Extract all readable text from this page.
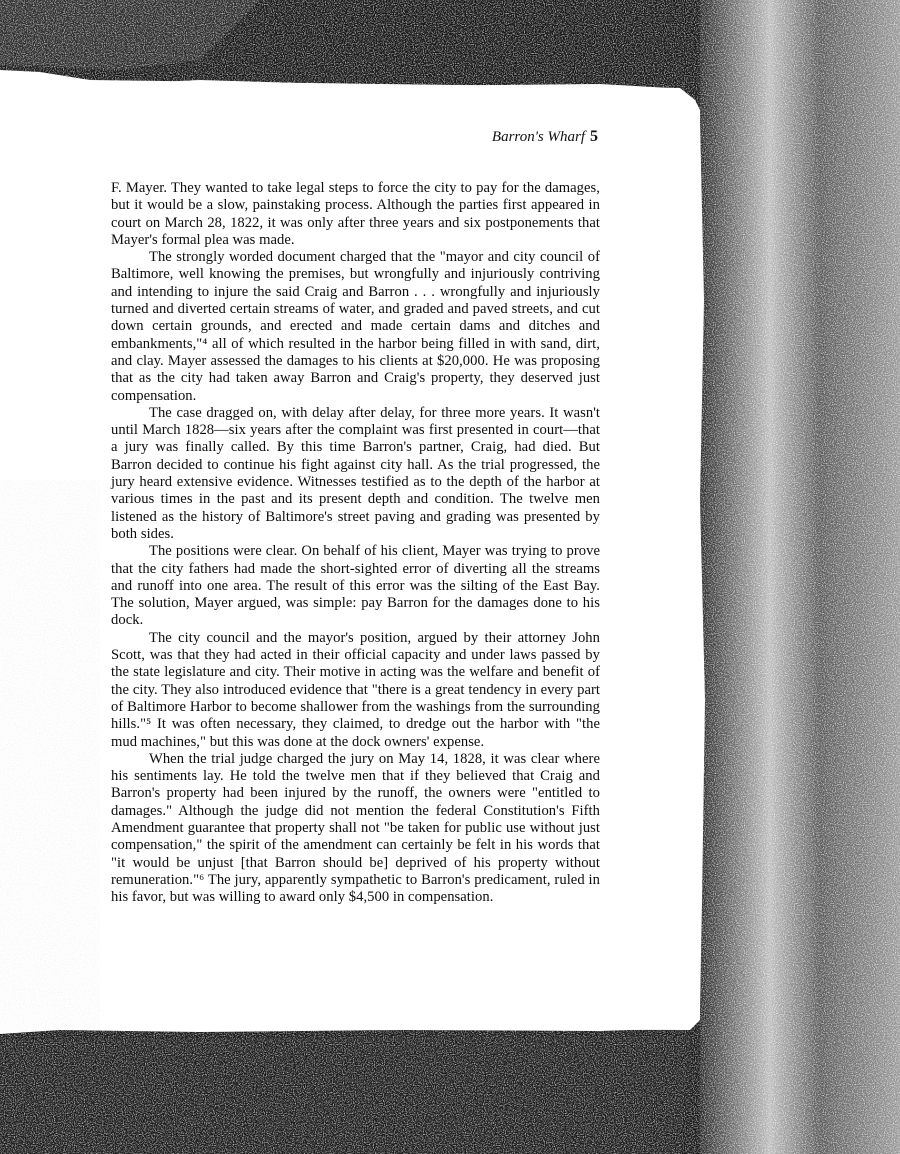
Barron's Wharf 5

F. Mayer. They wanted to take legal steps to force the city to pay for the damages, but it would be a slow, painstaking process. Although the parties first appeared in court on March 28, 1822, it was only after three years and six postponements that Mayer's formal plea was made.

The strongly worded document charged that the "mayor and city council of Baltimore, well knowing the premises, but wrongfully and injuriously contriving and intending to injure the said Craig and Barron . . . wrongfully and injuriously turned and diverted certain streams of water, and graded and paved streets, and cut down certain grounds, and erected and made certain dams and ditches and embankments,"⁴ all of which resulted in the harbor being filled in with sand, dirt, and clay. Mayer assessed the damages to his clients at $20,000. He was proposing that as the city had taken away Barron and Craig's property, they deserved just compensation.

The case dragged on, with delay after delay, for three more years. It wasn't until March 1828—six years after the complaint was first presented in court—that a jury was finally called. By this time Barron's partner, Craig, had died. But Barron decided to continue his fight against city hall. As the trial progressed, the jury heard extensive evidence. Witnesses testified as to the depth of the harbor at various times in the past and its present depth and condition. The twelve men listened as the history of Baltimore's street paving and grading was presented by both sides.

The positions were clear. On behalf of his client, Mayer was trying to prove that the city fathers had made the short-sighted error of diverting all the streams and runoff into one area. The result of this error was the silting of the East Bay. The solution, Mayer argued, was simple: pay Barron for the damages done to his dock.

The city council and the mayor's position, argued by their attorney John Scott, was that they had acted in their official capacity and under laws passed by the state legislature and city. Their motive in acting was the welfare and benefit of the city. They also introduced evidence that "there is a great tendency in every part of Baltimore Harbor to become shallower from the washings from the surrounding hills."⁵ It was often necessary, they claimed, to dredge out the harbor with "the mud machines," but this was done at the dock owners' expense.

When the trial judge charged the jury on May 14, 1828, it was clear where his sentiments lay. He told the twelve men that if they believed that Craig and Barron's property had been injured by the runoff, the owners were "entitled to damages." Although the judge did not mention the federal Constitution's Fifth Amendment guarantee that property shall not "be taken for public use without just compensation," the spirit of the amendment can certainly be felt in his words that "it would be unjust [that Barron should be] deprived of his property without remuneration."⁶ The jury, apparently sympathetic to Barron's predicament, ruled in his favor, but was willing to award only $4,500 in compensation.
